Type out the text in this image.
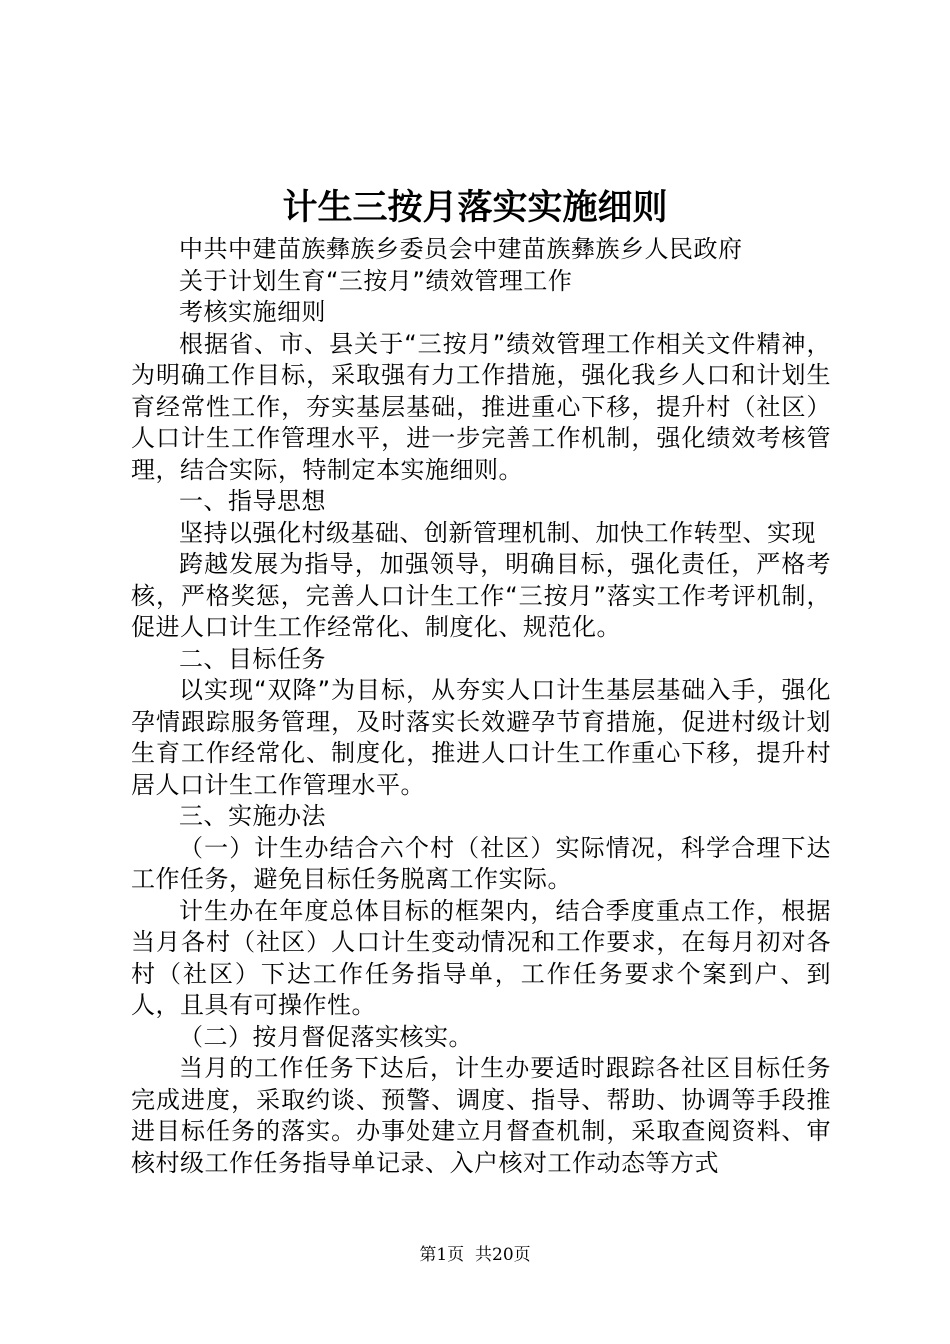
计生三按月落实实施细则

中共中建苗族彝族乡委员会中建苗族彝族乡人民政府

关于计划生育“三按月”绩效管理工作

考核实施细则

根据省、市、县关于“三按月”绩效管理工作相关文件精神，为明确工作目标，采取强有力工作措施，强化我乡人口和计划生育经常性工作，夯实基层基础，推进重心下移，提升村（社区）人口计生工作管理水平，进一步完善工作机制，强化绩效考核管理，结合实际，特制定本实施细则。

一、指导思想

坚持以强化村级基础、创新管理机制、加快工作转型、实现

跨越发展为指导，加强领导，明确目标，强化责任，严格考核，严格奖惩，完善人口计生工作“三按月”落实工作考评机制，促进人口计生工作经常化、制度化、规范化。

二、目标任务

以实现“双降”为目标，从夯实人口计生基层基础入手，强化孕情跟踪服务管理，及时落实长效避孕节育措施，促进村级计划生育工作经常化、制度化，推进人口计生工作重心下移，提升村居人口计生工作管理水平。

三、实施办法

（一）计生办结合六个村（社区）实际情况，科学合理下达工作任务，避免目标任务脱离工作实际。

计生办在年度总体目标的框架内，结合季度重点工作，根据当月各村（社区）人口计生变动情况和工作要求，在每月初对各村（社区）下达工作任务指导单，工作任务要求个案到户、到人，且具有可操作性。

（二）按月督促落实核实。

当月的工作任务下达后，计生办要适时跟踪各社区目标任务完成进度，采取约谈、预警、调度、指导、帮助、协调等手段推进目标任务的落实。办事处建立月督查机制，采取查阅资料、审核村级工作任务指导单记录、入户核对工作动态等方式

第1页 共20页
